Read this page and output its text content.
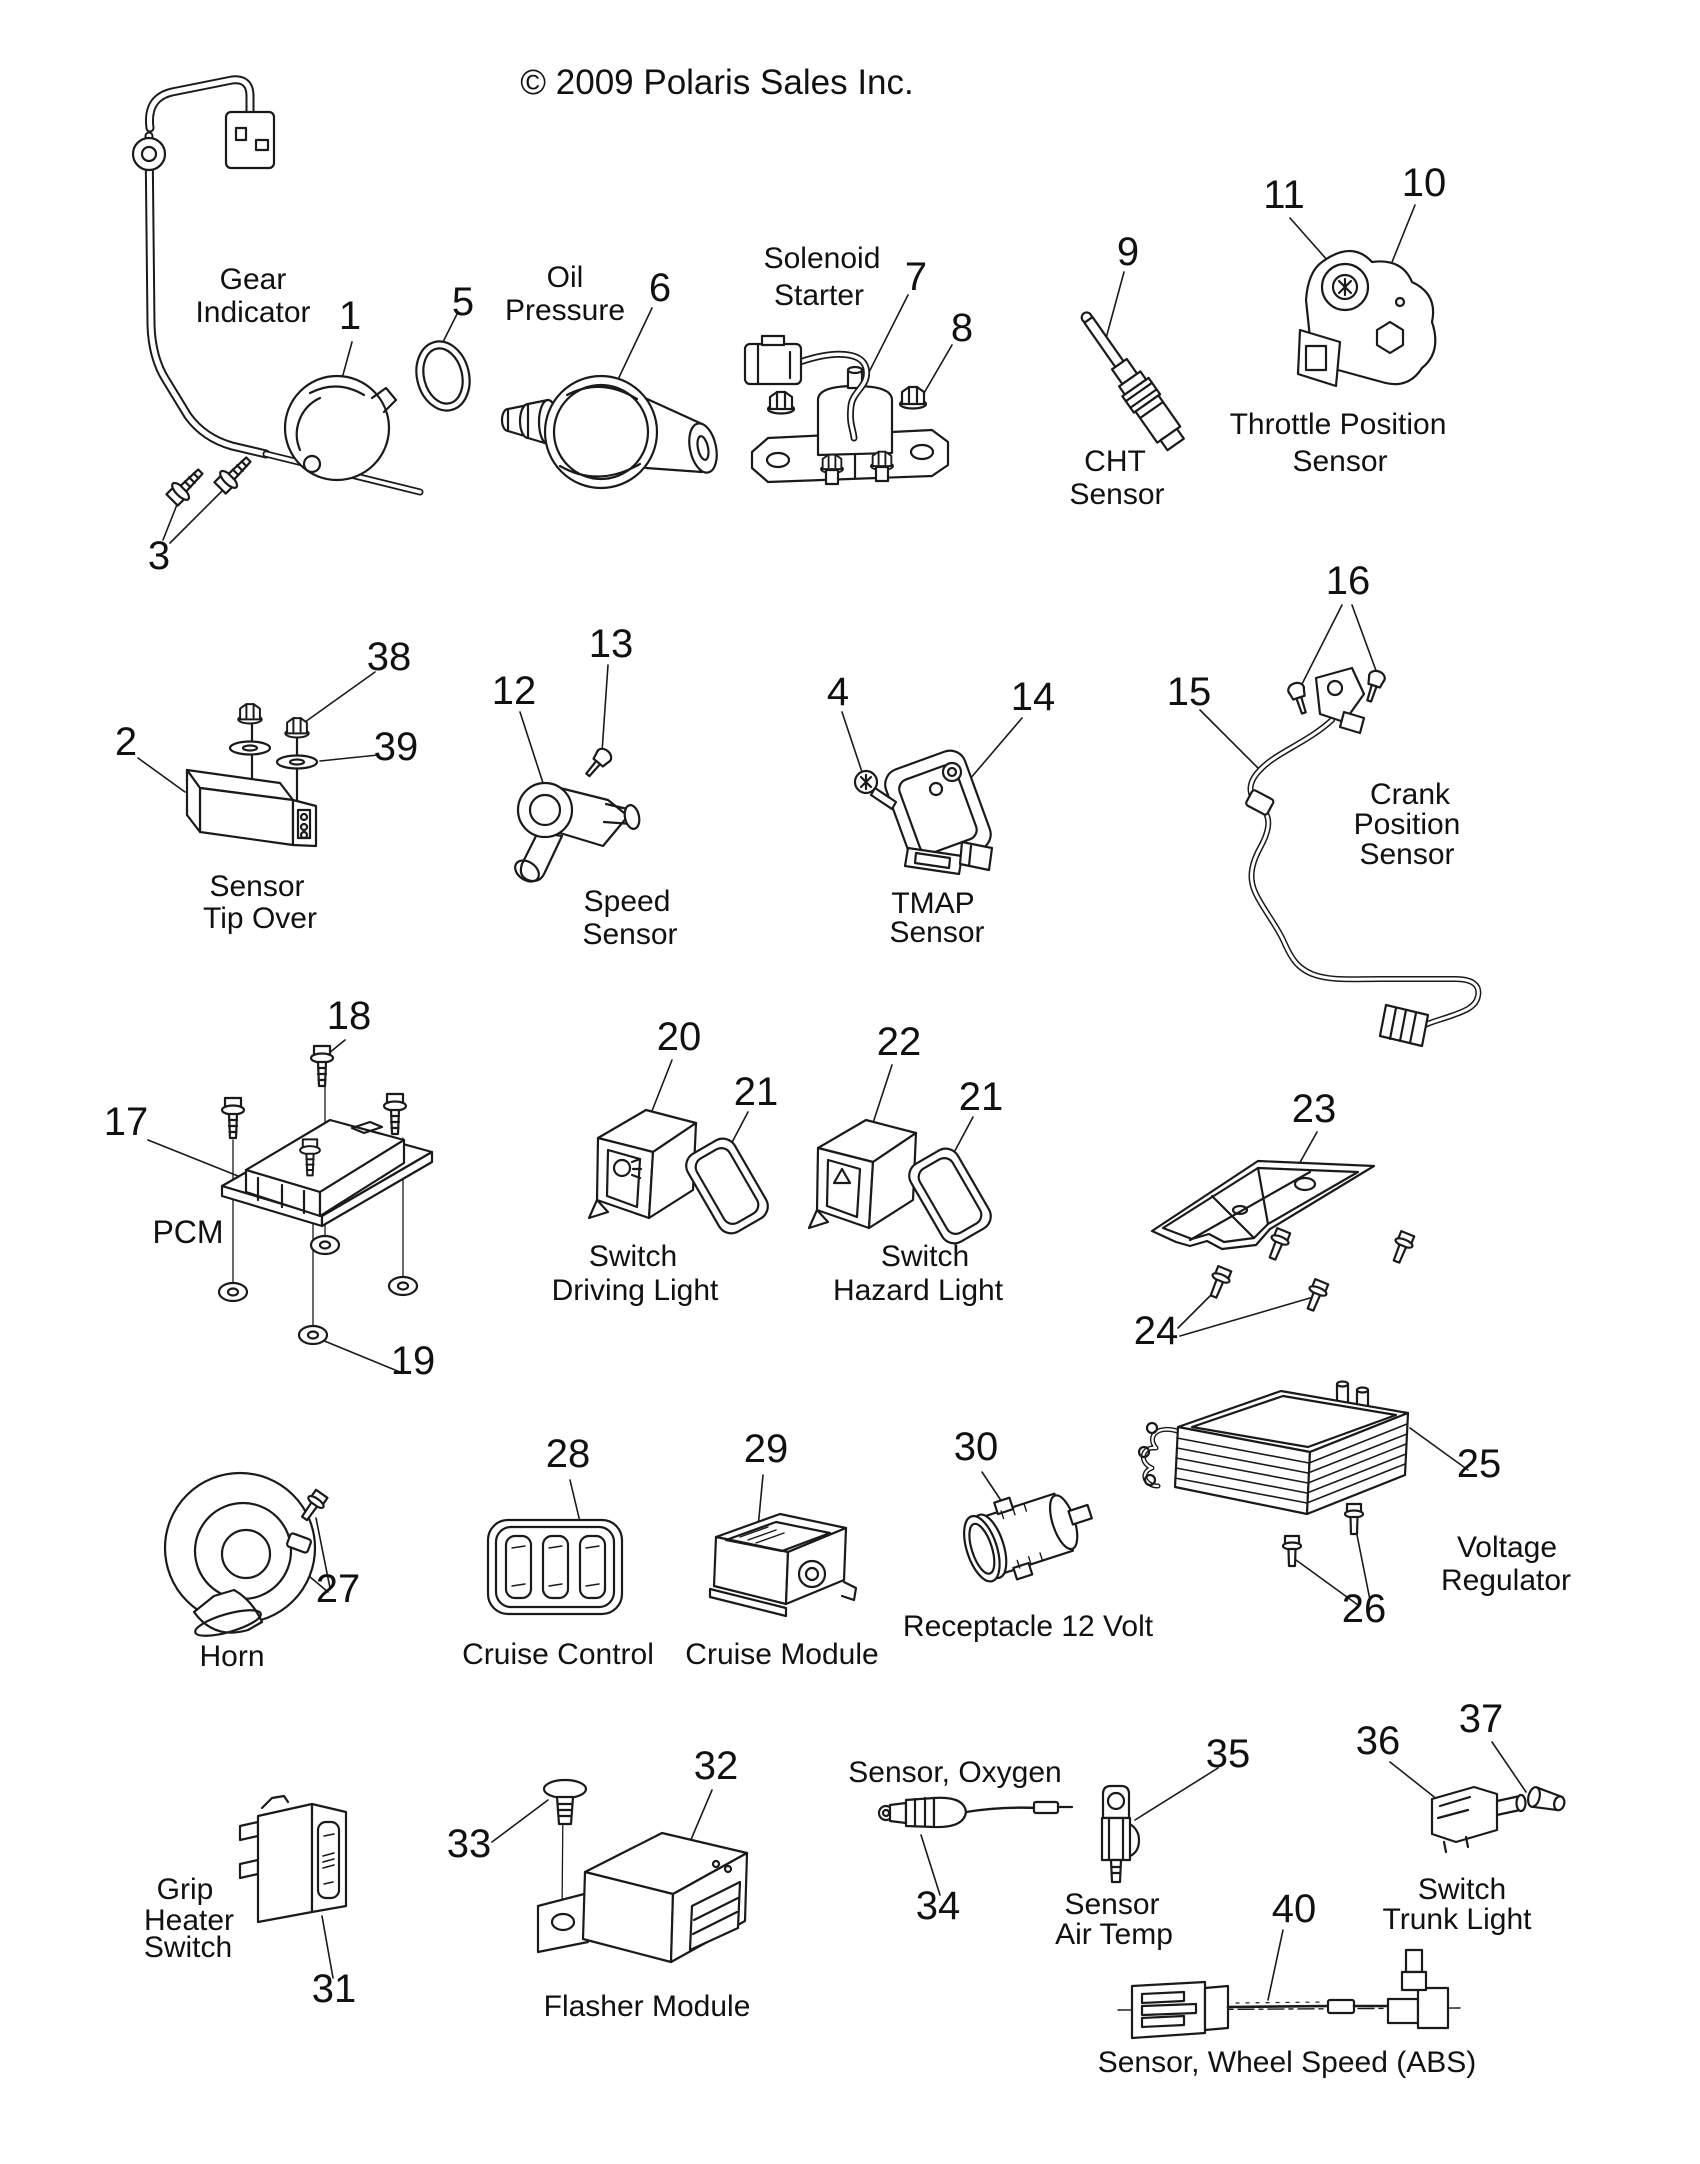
© 2009 Polaris Sales Inc.
Gear
Indicator 1 5
3
Oil
Pressure
6
Solenoid
Starter 7
8
CHT
Sensor
9
Throttle Position
Sensor
11 10
Sensor
Tip Over
2
38
39
Speed
Sensor
12
13
TMAP
Sensor
4	14
Crank
Position
Sensor
15
16
PCM
17
18
19
Switch
Driving Light
20
21
Switch
Hazard Light
22
21	23
24
Horn
27
Cruise Control
28
Cruise Module
29
Receptacle 12 Volt
30
Voltage
Regulator
25
26
Grip
Heater
Switch
31	Flasher Module
32
33
Sensor, Oxygen
34	Sensor
Air Temp
35
Switch
Trunk Light
36 37
Sensor, Wheel Speed (ABS)
40
